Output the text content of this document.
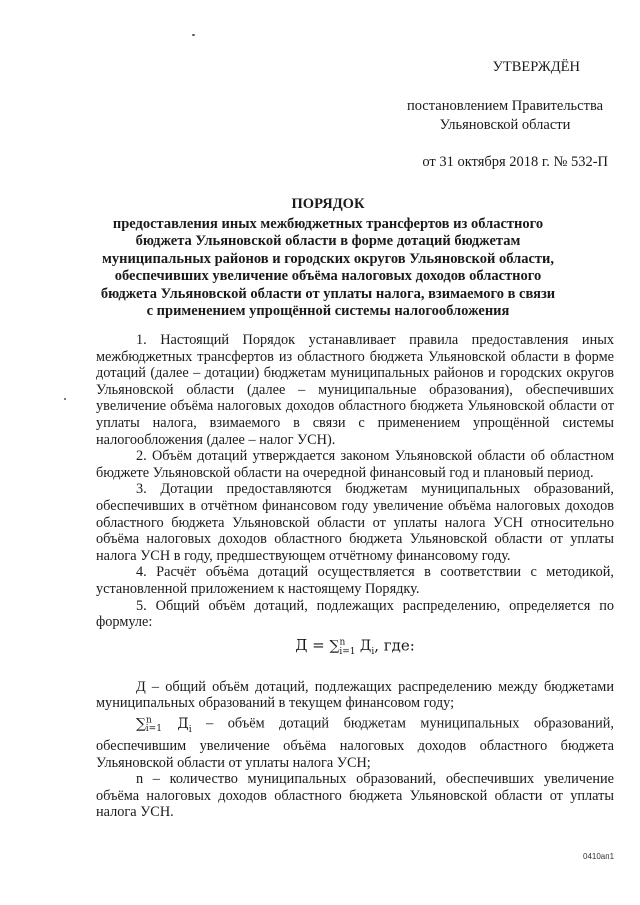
УТВЕРЖДЁН
постановлением Правительства
Ульяновской области
от 31 октября 2018 г. № 532-П
ПОРЯДОК
предоставления иных межбюджетных трансфертов из областного бюджета Ульяновской области в форме дотаций бюджетам муниципальных районов и городских округов Ульяновской области, обеспечивших увеличение объёма налоговых доходов областного бюджета Ульяновской области от уплаты налога, взимаемого в связи с применением упрощённой системы налогообложения

1. Настоящий Порядок устанавливает правила предоставления иных межбюджетных трансфертов из областного бюджета Ульяновской области в форме дотаций (далее – дотации) бюджетам муниципальных районов и городских округов Ульяновской области (далее – муниципальные образования), обеспечивших увеличение объёма налоговых доходов областного бюджета Ульяновской области от уплаты налога, взимаемого в связи с применением упрощённой системы налогообложения (далее – налог УСН).

2. Объём дотаций утверждается законом Ульяновской области об областном бюджете Ульяновской области на очередной финансовый год и плановый период.

3. Дотации предоставляются бюджетам муниципальных образований, обеспечивших в отчётном финансовом году увеличение объёма налоговых доходов областного бюджета Ульяновской области от уплаты налога УСН относительно объёма налоговых доходов областного бюджета Ульяновской области от уплаты налога УСН в году, предшествующем отчётному финансовому году.

4. Расчёт объёма дотаций осуществляется в соответствии с методикой, установленной приложением к настоящему Порядку.

5. Общий объём дотаций, подлежащих распределению, определяется по формуле:

Д = ∑$^n_{i=1}$ $Д_i$, где:

Д – общий объём дотаций, подлежащих распределению между бюджетами муниципальных образований в текущем финансовом году;

∑$^n_{i=1}$ $Д_i$ – объём дотаций бюджетам муниципальных образований, обеспечившим увеличение объёма налоговых доходов областного бюджета Ульяновской области от уплаты налога УСН;

n – количество муниципальных образований, обеспечивших увеличение объёма налоговых доходов областного бюджета Ульяновской области от уплаты налога УСН.

0410ап1
